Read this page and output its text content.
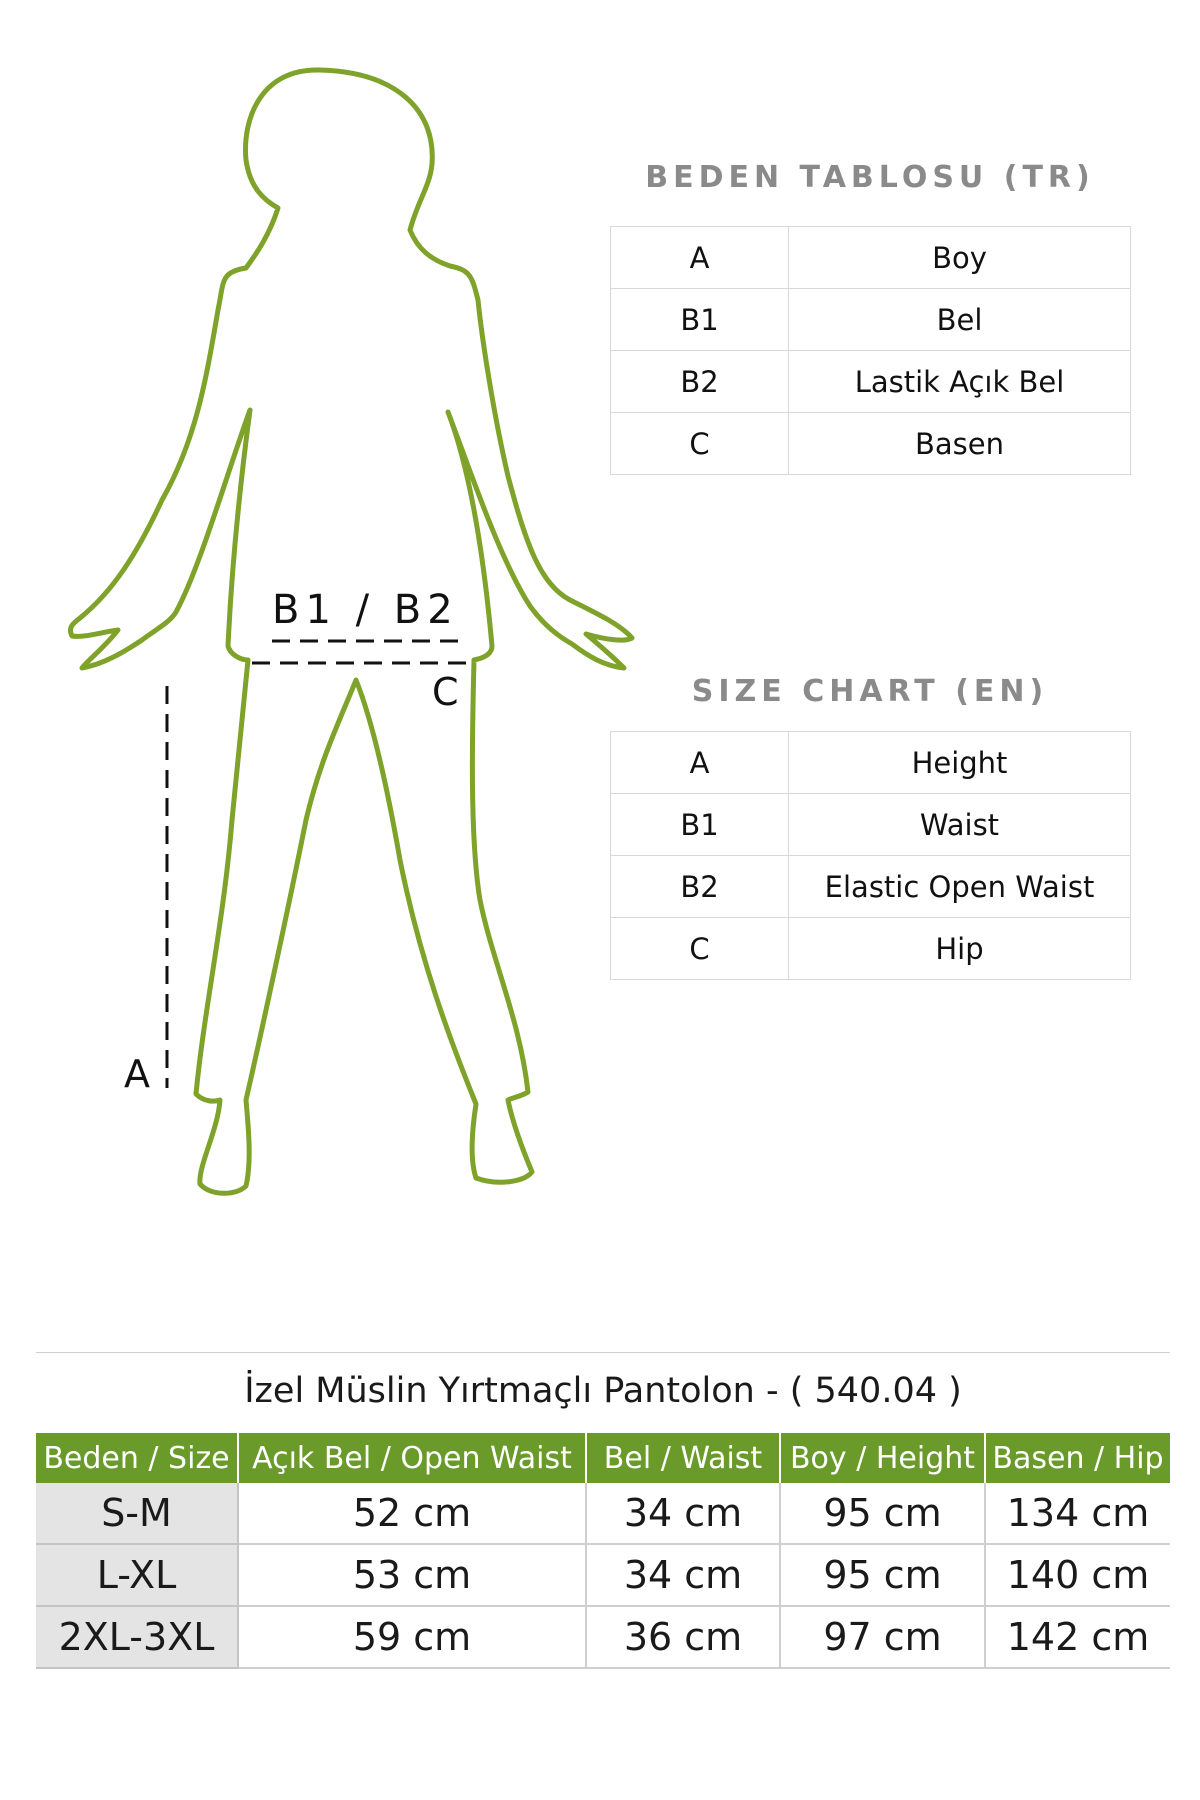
B1 / B2
C
A
BEDEN TABLOSU (TR)
A	Boy
B1	Bel
B2	Lastik Açık Bel
C	Basen
SIZE CHART (EN)
A	Height
B1	Waist
B2	Elastic Open Waist
C	Hip
İzel Müslin Yırtmaçlı Pantolon - ( 540.04 )
Beden / Size	Açık Bel / Open Waist	Bel / Waist	Boy / Height	Basen / Hip
S-M	52 cm	34 cm	95 cm	134 cm
L-XL	53 cm	34 cm	95 cm	140 cm
2XL-3XL	59 cm	36 cm	97 cm	142 cm
